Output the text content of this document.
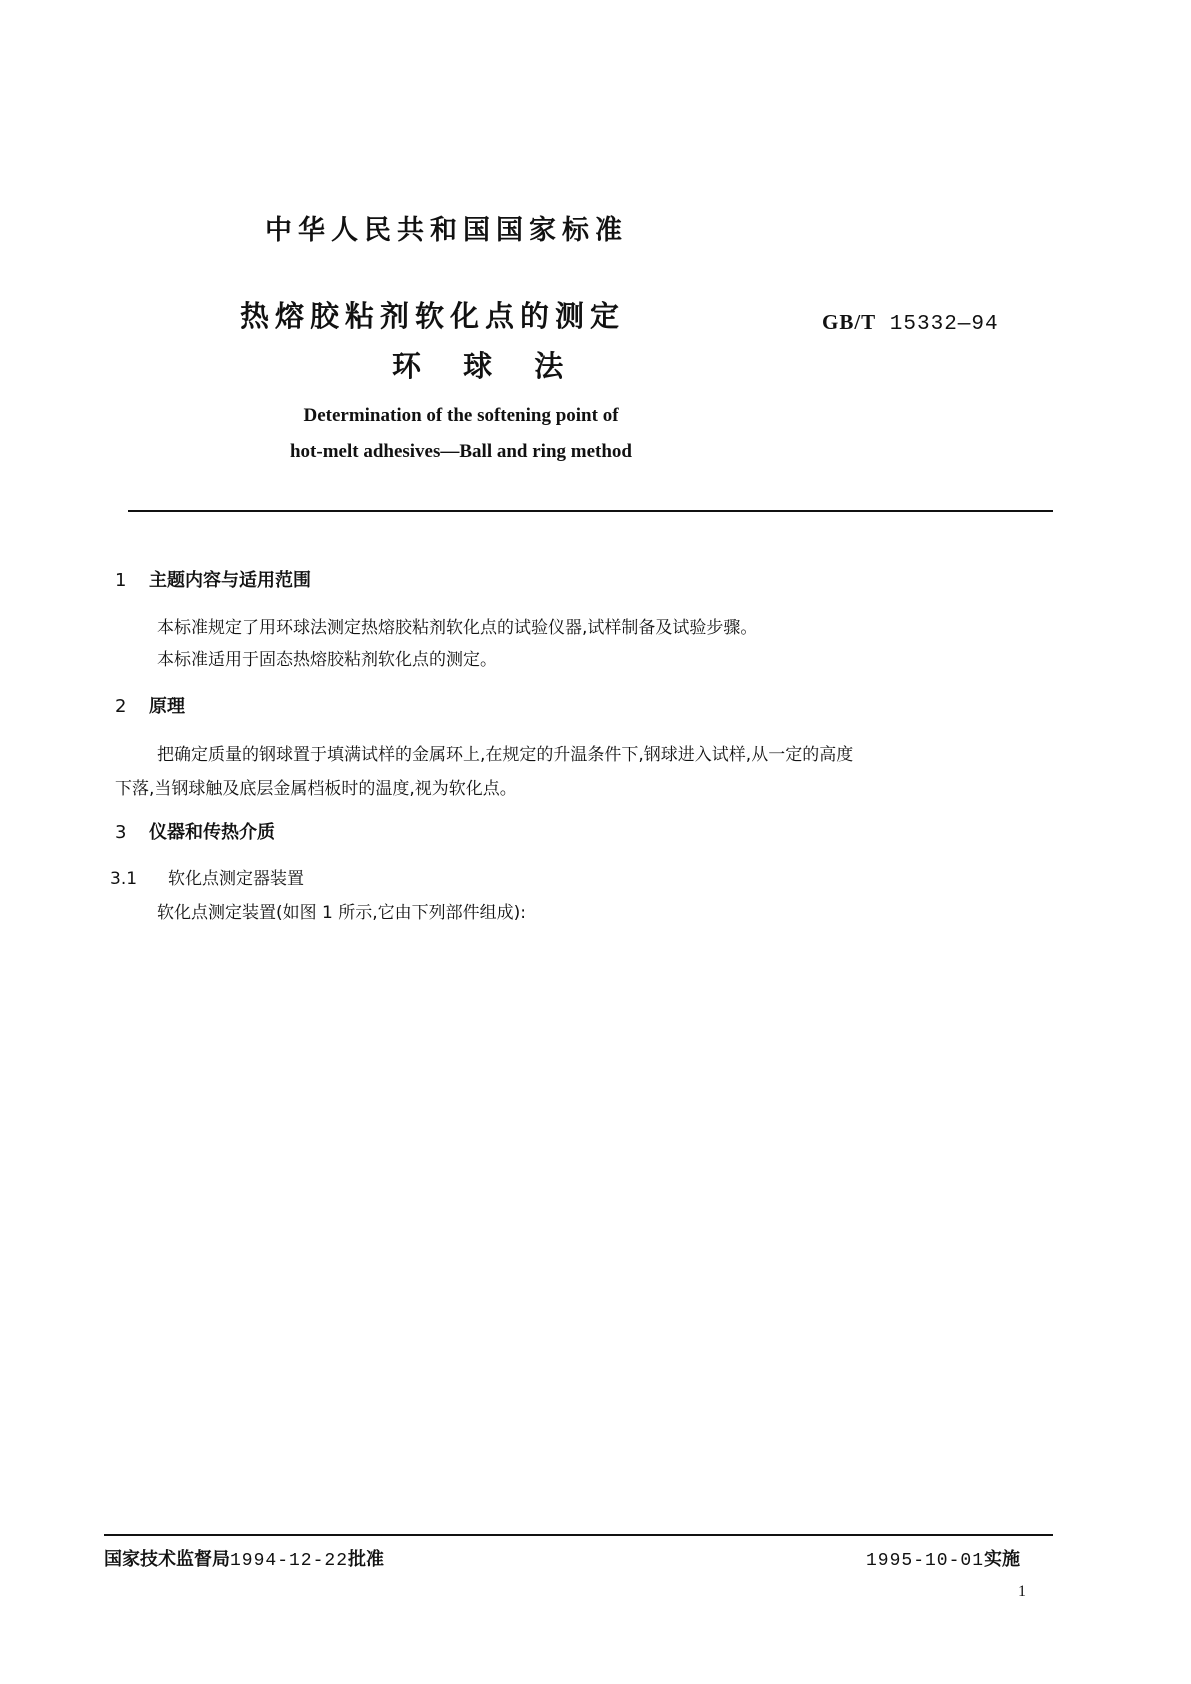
中华人民共和国国家标准
热熔胶粘剂软化点的测定
环 球 法
GB/T 15332—94
Determination of the softening point of
hot-melt adhesives—Ball and ring method
1 主题内容与适用范围
本标准规定了用环球法测定热熔胶粘剂软化点的试验仪器,试样制备及试验步骤。
本标准适用于固态热熔胶粘剂软化点的测定。
2 原理
把确定质量的钢球置于填满试样的金属环上,在规定的升温条件下,钢球进入试样,从一定的高度
下落,当钢球触及底层金属档板时的温度,视为软化点。
3 仪器和传热介质
3.1 软化点测定器装置
软化点测定装置(如图 1 所示,它由下列部件组成):
国家技术监督局1994-12-22批准	1995-10-01实施
1
